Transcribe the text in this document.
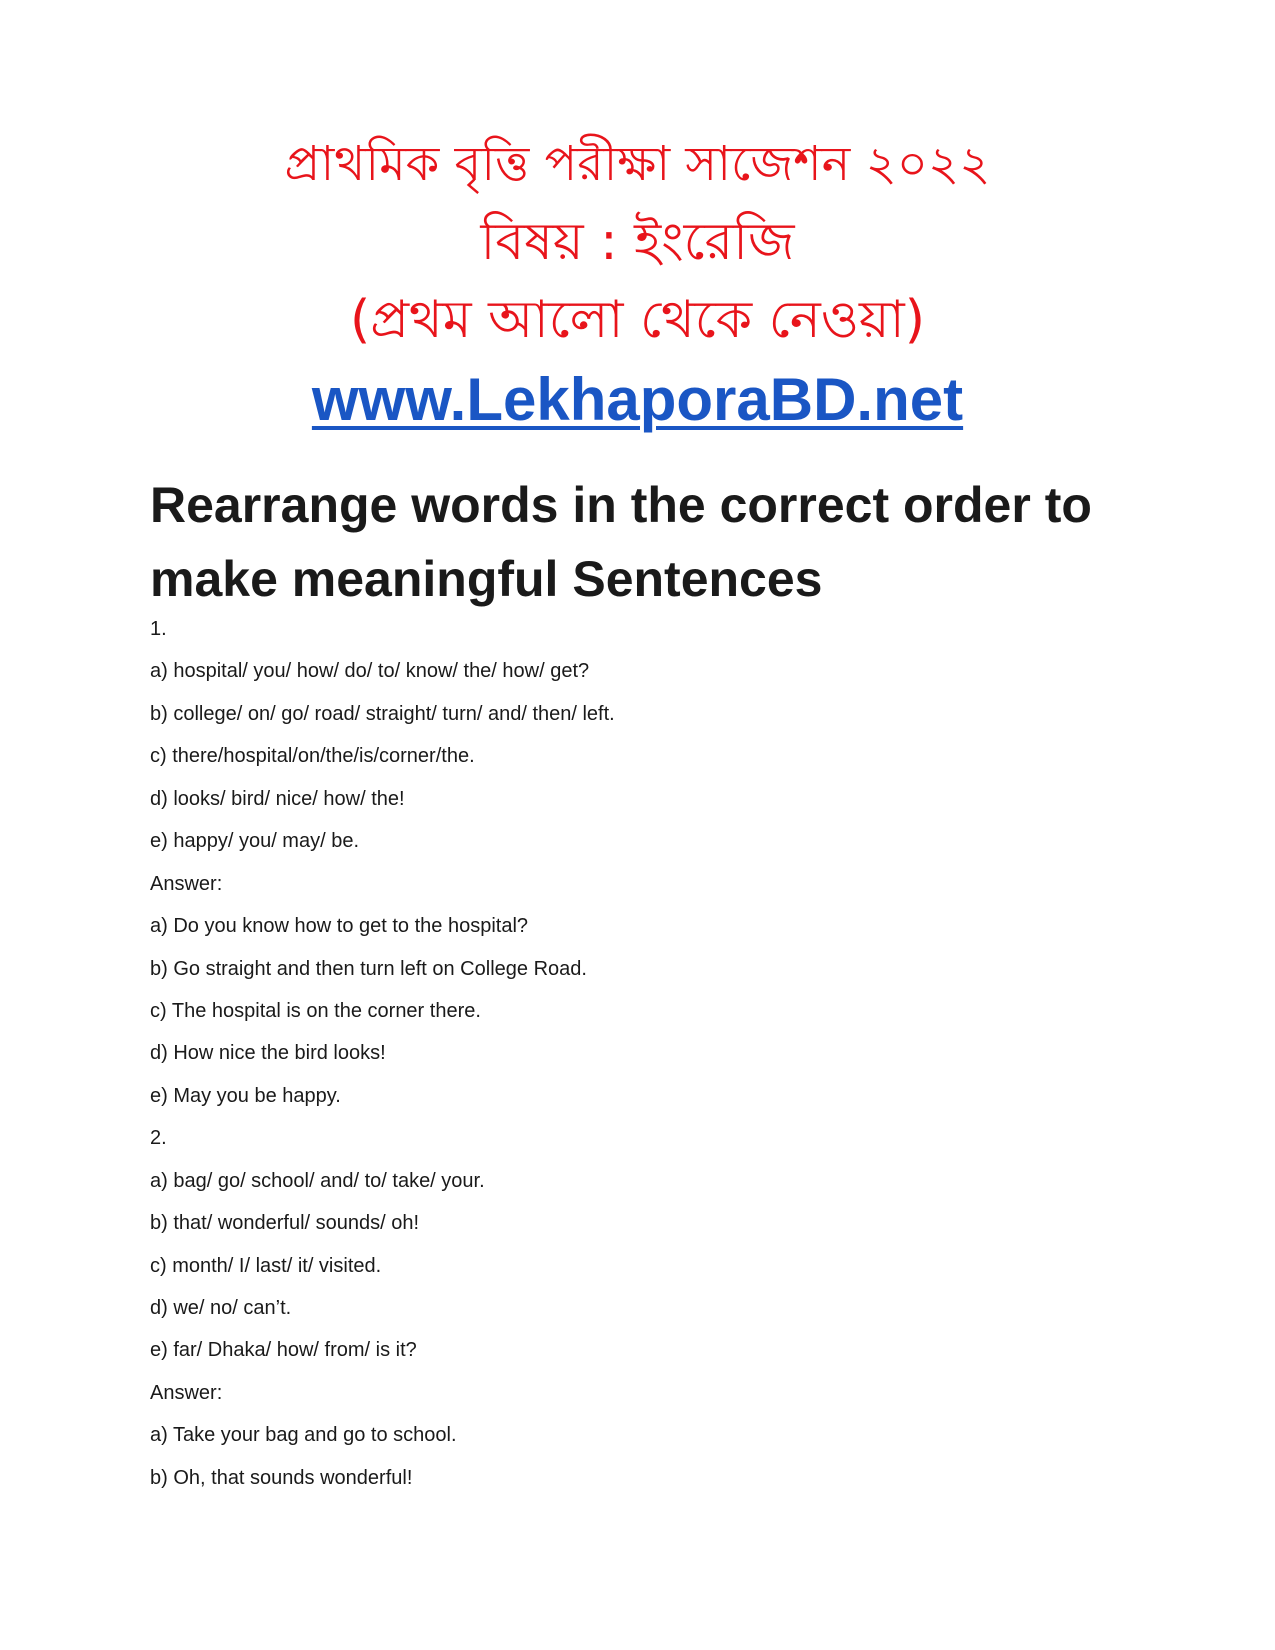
প্রাথমিক বৃত্তি পরীক্ষা সাজেশন ২০২২
বিষয় : ইংরেজি
(প্রথম আলো থেকে নেওয়া)
www.LekhaporaBD.net
Rearrange words in the correct order to make meaningful Sentences
1.
a) hospital/ you/ how/ do/ to/ know/ the/ how/ get?
b) college/ on/ go/ road/ straight/ turn/ and/ then/ left.
c) there/hospital/on/the/is/corner/the.
d) looks/ bird/ nice/ how/ the!
e) happy/ you/ may/ be.
Answer:
a) Do you know how to get to the hospital?
b) Go straight and then turn left on College Road.
c) The hospital is on the corner there.
d) How nice the bird looks!
e) May you be happy.
2.
a) bag/ go/ school/ and/ to/ take/ your.
b) that/ wonderful/ sounds/ oh!
c) month/ I/ last/ it/ visited.
d) we/ no/ can’t.
e) far/ Dhaka/ how/ from/ is it?
Answer:
a) Take your bag and go to school.
b) Oh, that sounds wonderful!
